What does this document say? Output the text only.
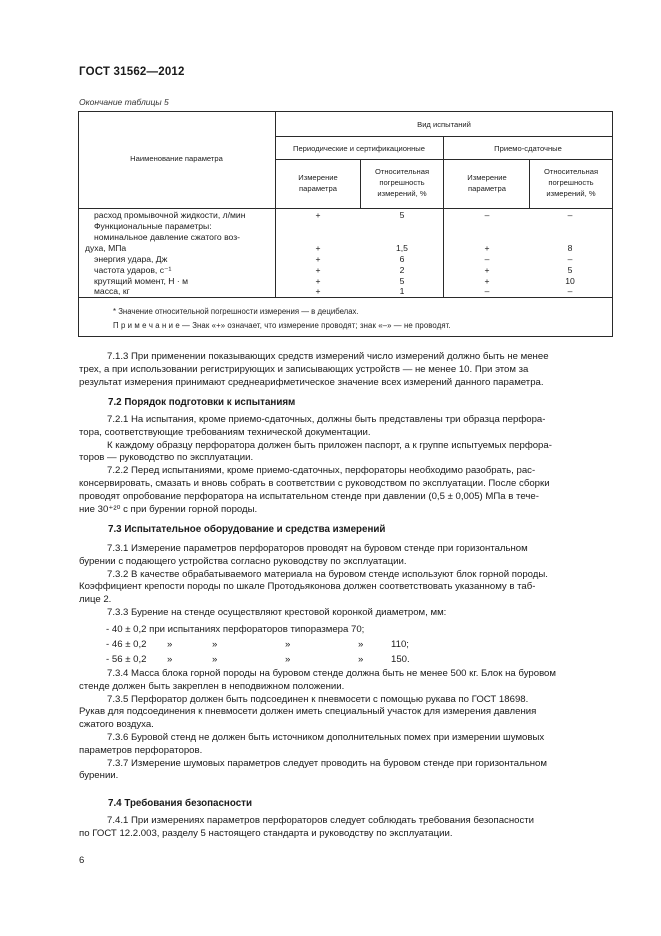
ГОСТ 31562—2012
Окончание таблицы 5
Наименование параметра
Вид испытаний
Периодические и сертификационные	Приемо-сдаточные
Измерение параметра
Относительная погрешность измерений, %
Измерение параметра
Относительная погрешность измерений, %
расход промывочной жидкости, л/мин	+	5	–	–
Функциональные параметры:
номинальное давление сжатого воз-
духа, МПа	+	1,5	+	8
энергия удара, Дж	+	6	–	–
частота ударов, с⁻¹	+	2	+	5
крутящий момент, Н · м	+	5	+	10
масса, кг	+	1	–	–
* Значение относительной погрешности измерения — в децибелах.
П р и м е ч а н и е — Знак «+» означает, что измерение проводят; знак «–» — не проводят.
7.1.3 При применении показывающих средств измерений число измерений должно быть не менее
трех, а при использовании регистрирующих и записывающих устройств — не менее 10. При этом за
результат измерения принимают среднеарифметическое значение всех измерений данного параметра.
7.2 Порядок подготовки к испытаниям
7.2.1 На испытания, кроме приемо-сдаточных, должны быть представлены три образца перфора-
тора, соответствующие требованиям технической документации.
К каждому образцу перфоратора должен быть приложен паспорт, а к группе испытуемых перфора-
торов — руководство по эксплуатации.
7.2.2 Перед испытаниями, кроме приемо-сдаточных, перфораторы необходимо разобрать, рас-
консервировать, смазать и вновь собрать в соответствии с руководством по эксплуатации. После сборки
проводят опробование перфоратора на испытательном стенде при давлении (0,5 ± 0,005) МПа в тече-
ние 30⁺²⁰ с при бурении горной породы.
7.3 Испытательное оборудование и средства измерений
7.3.1 Измерение параметров перфораторов проводят на буровом стенде при горизонтальном
бурении с подающего устройства согласно руководству по эксплуатации.
7.3.2 В качестве обрабатываемого материала на буровом стенде используют блок горной породы.
Коэффициент крепости породы по шкале Протодьяконова должен соответствовать указанному в таб-
лице 2.
7.3.3 Бурение на стенде осуществляют крестовой коронкой диаметром, мм:
- 40 ± 0,2 при испытаниях перфораторов типоразмера 70;
- 46 ± 0,2 »	»	»	»	110;
- 56 ± 0,2 »	»	»	»	150.
7.3.4 Масса блока горной породы на буровом стенде должна быть не менее 500 кг. Блок на буровом
стенде должен быть закреплен в неподвижном положении.
7.3.5 Перфоратор должен быть подсоединен к пневмосети с помощью рукава по ГОСТ 18698.
Рукав для подсоединения к пневмосети должен иметь специальный участок для измерения давления
сжатого воздуха.
7.3.6 Буровой стенд не должен быть источником дополнительных помех при измерении шумовых
параметров перфораторов.
7.3.7 Измерение шумовых параметров следует проводить на буровом стенде при горизонтальном
бурении.
7.4 Требования безопасности
7.4.1 При измерениях параметров перфораторов следует соблюдать требования безопасности
по ГОСТ 12.2.003, разделу 5 настоящего стандарта и руководству по эксплуатации.
6
